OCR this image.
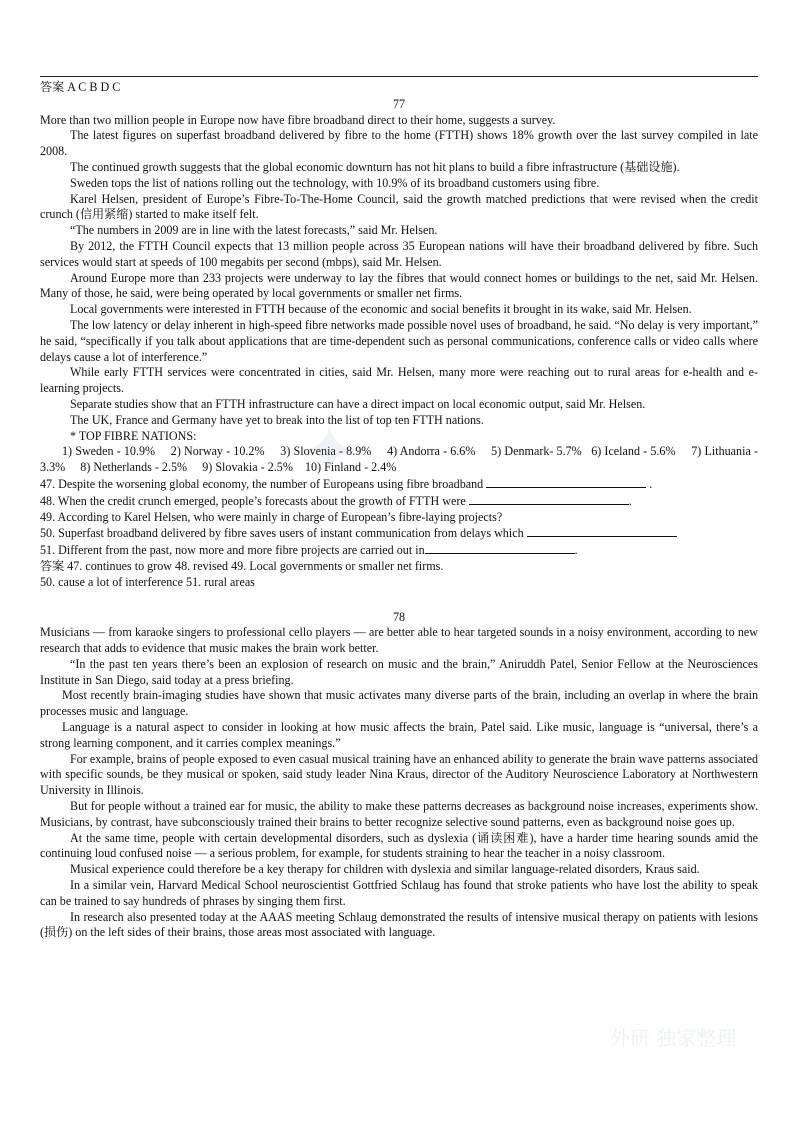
答案 A C B D C
77

More than two million people in Europe now have fibre broadband direct to their home, suggests a survey.

The latest figures on superfast broadband delivered by fibre to the home (FTTH) shows 18% growth over the last survey compiled in late 2008.

The continued growth suggests that the global economic downturn has not hit plans to build a fibre infrastructure (基础设施).

Sweden tops the list of nations rolling out the technology, with 10.9% of its broadband customers using fibre.

Karel Helsen, president of Europe’s Fibre-To-The-Home Council, said the growth matched predictions that were revised when the credit crunch (信用紧缩) started to make itself felt.

“The numbers in 2009 are in line with the latest forecasts,” said Mr. Helsen.

By 2012, the FTTH Council expects that 13 million people across 35 European nations will have their broadband delivered by fibre. Such services would start at speeds of 100 megabits per second (mbps), said Mr. Helsen.

Around Europe more than 233 projects were underway to lay the fibres that would connect homes or buildings to the net, said Mr. Helsen. Many of those, he said, were being operated by local governments or smaller net firms.

Local governments were interested in FTTH because of the economic and social benefits it brought in its wake, said Mr. Helsen.

The low latency or delay inherent in high-speed fibre networks made possible novel uses of broadband, he said. “No delay is very important,” he said, “specifically if you talk about applications that are time-dependent such as personal communications, conference calls or video calls where delays cause a lot of interference.”

While early FTTH services were concentrated in cities, said Mr. Helsen, many more were reaching out to rural areas for e-health and e-learning projects.

Separate studies show that an FTTH infrastructure can have a direct impact on local economic output, said Mr. Helsen.

The UK, France and Germany have yet to break into the list of top ten FTTH nations.

* TOP FIBRE NATIONS:

1) Sweden - 10.9%     2) Norway - 10.2%     3) Slovenia - 8.9%     4) Andorra - 6.6%     5) Denmark- 5.7%   6) Iceland - 5.6%     7) Lithuania - 3.3%     8) Netherlands - 2.5%     9) Slovakia - 2.5%    10) Finland - 2.4%

47. Despite the worsening global economy, the number of Europeans using fibre broadband	.
48. When the credit crunch emerged, people’s forecasts about the growth of FTTH were	.
49. According to Karel Helsen, who were mainly in charge of European’s fibre-laying projects?
50. Superfast broadband delivered by fibre saves users of instant communication from delays which
51. Different from the past, now more and more fibre projects are carried out in	.
答案 47. continues to grow 48. revised 49. Local governments or smaller net firms.
50. cause a lot of interference 51. rural areas
78

Musicians — from karaoke singers to professional cello players — are better able to hear targeted sounds in a noisy environment, according to new research that adds to evidence that music makes the brain work better.

“In the past ten years there’s been an explosion of research on music and the brain,” Aniruddh Patel, Senior Fellow at the Neurosciences Institute in San Diego, said today at a press briefing.

Most recently brain-imaging studies have shown that music activates many diverse parts of the brain, including an overlap in where the brain processes music and language.

Language is a natural aspect to consider in looking at how music affects the brain, Patel said. Like music, language is “universal, there’s a strong learning component, and it carries complex meanings.”

For example, brains of people exposed to even casual musical training have an enhanced ability to generate the brain wave patterns associated with specific sounds, be they musical or spoken, said study leader Nina Kraus, director of the Auditory Neuroscience Laboratory at Northwestern University in Illinois.

But for people without a trained ear for music, the ability to make these patterns decreases as background noise increases, experiments show. Musicians, by contrast, have subconsciously trained their brains to better recognize selective sound patterns, even as background noise goes up.

At the same time, people with certain developmental disorders, such as dyslexia (诵读困难), have a harder time hearing sounds amid the continuing loud confused noise — a serious problem, for example, for students straining to hear the teacher in a noisy classroom.

Musical experience could therefore be a key therapy for children with dyslexia and similar language-related disorders, Kraus said.

In a similar vein, Harvard Medical School neuroscientist Gottfried Schlaug has found that stroke patients who have lost the ability to speak can be trained to say hundreds of phrases by singing them first.

In research also presented today at the AAAS meeting Schlaug demonstrated the results of intensive musical therapy on patients with lesions (损伤) on the left sides of their brains, those areas most associated with language.

✦
外研 独家整理
